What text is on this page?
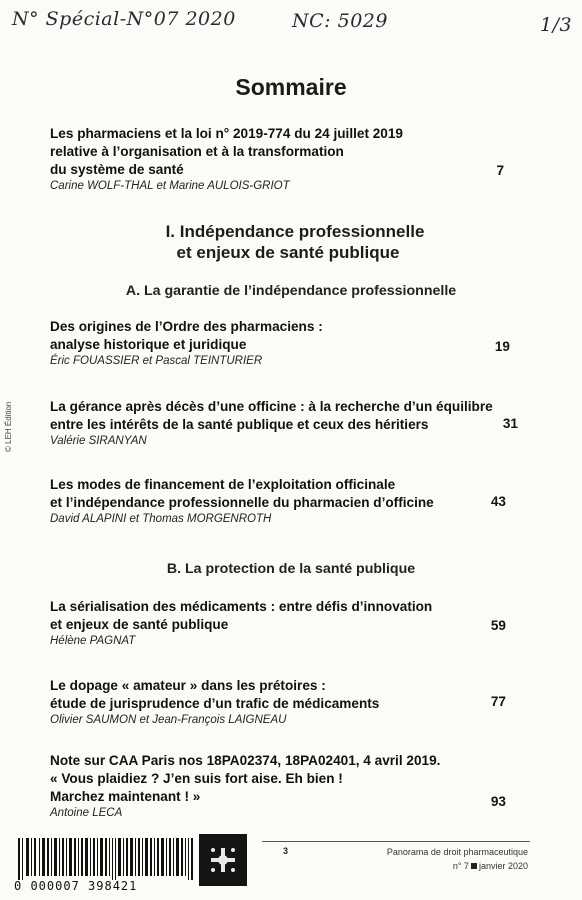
N° Spécial-N°07 2020	NC: 5029	1/3
Sommaire
© LEH Édition
Les pharmaciens et la loi n° 2019-774 du 24 juillet 2019
relative à l’organisation et à la transformation
du système de santé
Carine WOLF-THAL et Marine AULOIS-GRIOT
7
I. Indépendance professionnelle
et enjeux de santé publique
A. La garantie de l’indépendance professionnelle
Des origines de l’Ordre des pharmaciens :
analyse historique et juridique
Éric FOUASSIER et Pascal TEINTURIER
19
La gérance après décès d’une officine : à la recherche d’un équilibre
entre les intérêts de la santé publique et ceux des héritiers
Valérie SIRANYAN
31
Les modes de financement de l’exploitation officinale
et l’indépendance professionnelle du pharmacien d’officine
David ALAPINI et Thomas MORGENROTH
43
B. La protection de la santé publique
La sérialisation des médicaments : entre défis d’innovation
et enjeux de santé publique
Hélène PAGNAT
59
Le dopage « amateur » dans les prétoires :
étude de jurisprudence d’un trafic de médicaments
Olivier SAUMON et Jean-François LAIGNEAU
77
Note sur CAA Paris nos 18PA02374, 18PA02401, 4 avril 2019.
« Vous plaidiez ? J’en suis fort aise. Eh bien !
Marchez maintenant ! »
Antoine LECA
93
0 000007 398421
3	Panorama de droit pharmaceutique
n° 7 janvier 2020
